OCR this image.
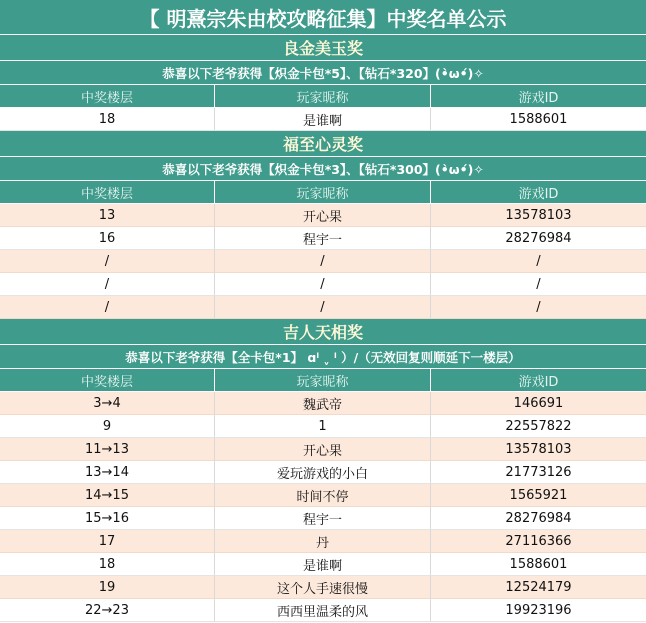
【 明熹宗朱由校攻略征集】中奖名单公示
良金美玉奖
恭喜以下老爷获得【炽金卡包*5】、【钻石*320】(•̀ω•́)✧
中奖楼层	玩家昵称	游戏ID
18	是谁啊	1588601
福至心灵奖
恭喜以下老爷获得【炽金卡包*3】、【钻石*300】(•̀ω•́)✧
中奖楼层	玩家昵称	游戏ID
13	开心果	13578103
16	程宇一	28276984
/	/	/
/	/	/
/	/	/
吉人天相奖
恭喜以下老爷获得【全卡包*1】 ɑˡ ˬ ˡ ）/（无效回复则顺延下一楼层）
中奖楼层	玩家昵称	游戏ID
3→4	魏武帝	146691
9	1	22557822
11→13	开心果	13578103
13→14	爱玩游戏的小白	21773126
14→15	时间不停	1565921
15→16	程宇一	28276984
17	丹	27116366
18	是谁啊	1588601
19	这个人手速很慢	12524179
22→23	西西里温柔的风	19923196
